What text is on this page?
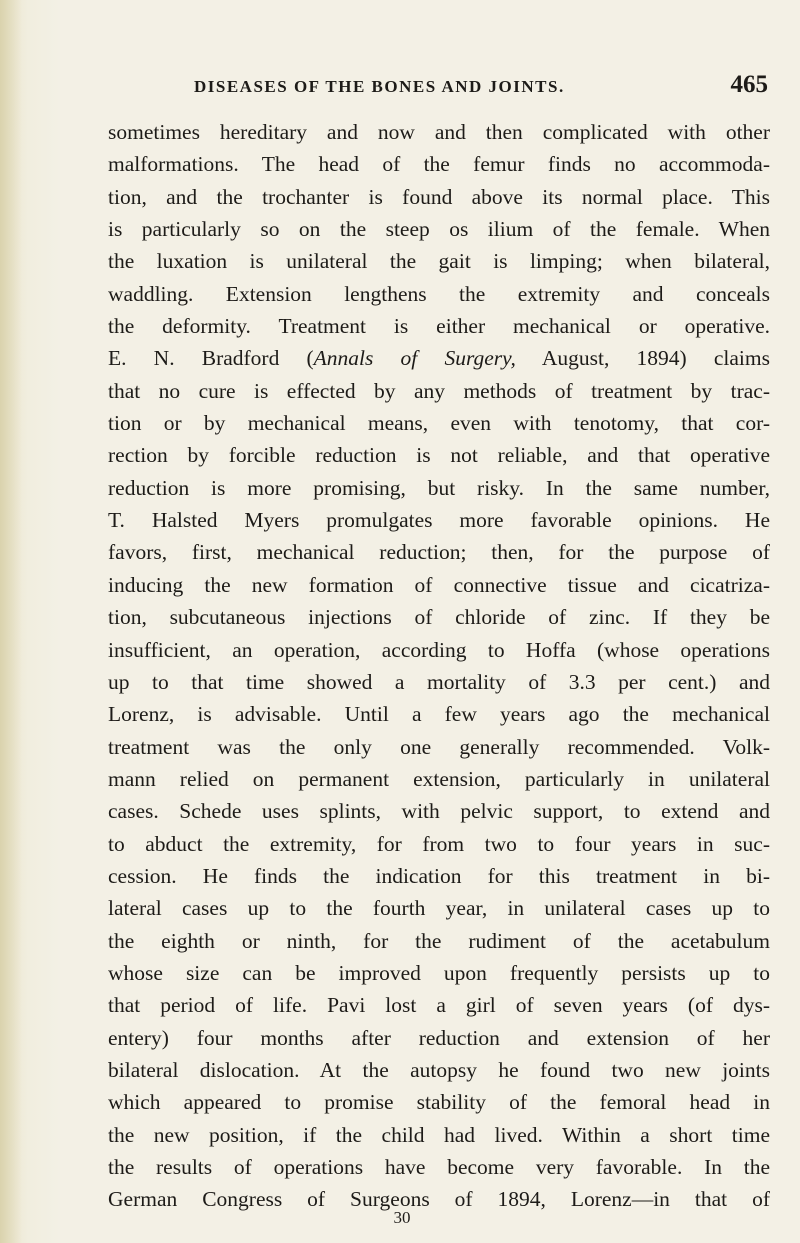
DISEASES OF THE BONES AND JOINTS.	465
sometimes hereditary and now and then complicated with other
malformations. The head of the femur finds no accommoda-
tion, and the trochanter is found above its normal place. This
is particularly so on the steep os ilium of the female. When
the luxation is unilateral the gait is limping; when bilateral,
waddling. Extension lengthens the extremity and conceals
the deformity. Treatment is either mechanical or operative.
E. N. Bradford (Annals of Surgery, August, 1894) claims
that no cure is effected by any methods of treatment by trac-
tion or by mechanical means, even with tenotomy, that cor-
rection by forcible reduction is not reliable, and that operative
reduction is more promising, but risky. In the same number,
T. Halsted Myers promulgates more favorable opinions. He
favors, first, mechanical reduction; then, for the purpose of
inducing the new formation of connective tissue and cicatriza-
tion, subcutaneous injections of chloride of zinc. If they be
insufficient, an operation, according to Hoffa (whose operations
up to that time showed a mortality of 3.3 per cent.) and
Lorenz, is advisable. Until a few years ago the mechanical
treatment was the only one generally recommended. Volk-
mann relied on permanent extension, particularly in unilateral
cases. Schede uses splints, with pelvic support, to extend and
to abduct the extremity, for from two to four years in suc-
cession. He finds the indication for this treatment in bi-
lateral cases up to the fourth year, in unilateral cases up to
the eighth or ninth, for the rudiment of the acetabulum
whose size can be improved upon frequently persists up to
that period of life. Pavi lost a girl of seven years (of dys-
entery) four months after reduction and extension of her
bilateral dislocation. At the autopsy he found two new joints
which appeared to promise stability of the femoral head in
the new position, if the child had lived. Within a short time
the results of operations have become very favorable. In the
German Congress of Surgeons of 1894, Lorenz—in that of
30
